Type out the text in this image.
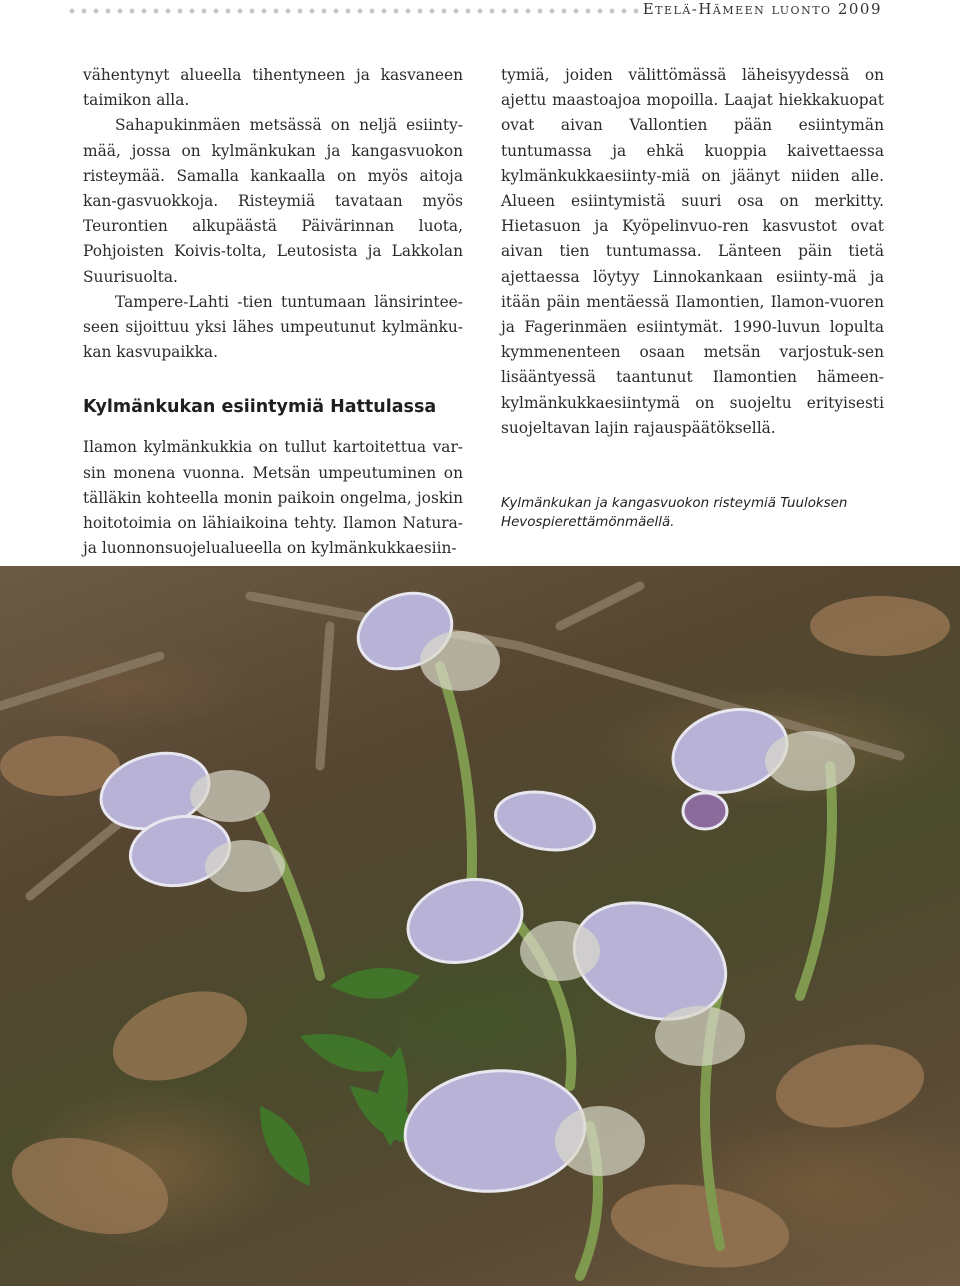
Etelä-Hämeen luonto 2009

vähentynyt alueella tihentyneen ja kasvaneen taimikon alla.

Sahapukinmäen metsässä on neljä esiinty-mää, jossa on kylmänkukan ja kangasvuokon risteymää. Samalla kankaalla on myös aitoja kan-gasvuokkoja. Risteymiä tavataan myös Teurontien alkupäästä Päivärinnan luota, Pohjoisten Koivis-tolta, Leutosista ja Lakkolan Suurisuolta.

Tampere-Lahti -tien tuntumaan länsirintee-seen sijoittuu yksi lähes umpeutunut kylmänku-kan kasvupaikka.

Kylmänkukan esiintymiä Hattulassa

Ilamon kylmänkukkia on tullut kartoitettua var-sin monena vuonna. Metsän umpeutuminen on tälläkin kohteella monin paikoin ongelma, joskin hoitotoimia on lähiaikoina tehty. Ilamon Natura-ja luonnonsuojelualueella on kylmänkukkaesiin-

tymiä, joiden välittömässä läheisyydessä on ajettu maastoajoa mopoilla. Laajat hiekkakuopat ovat aivan Vallontien pään esiintymän tuntumassa ja ehkä kuoppia kaivettaessa kylmänkukkaesiinty-miä on jäänyt niiden alle. Alueen esiintymistä suuri osa on merkitty. Hietasuon ja Kyöpelinvuo-ren kasvustot ovat aivan tien tuntumassa. Länteen päin tietä ajettaessa löytyy Linnokankaan esiinty-mä ja itään päin mentäessä Ilamontien, Ilamon-vuoren ja Fagerinmäen esiintymät. 1990-luvun lopulta kymmenenteen osaan metsän varjostuk-sen lisääntyessä taantunut Ilamontien hämeen-kylmänkukkaesiintymä on suojeltu erityisesti suojeltavan lajin rajauspäätöksellä.

Kylmänkukan ja kangasvuokon risteymiä Tuuloksen Hevospierettämönmäellä.
